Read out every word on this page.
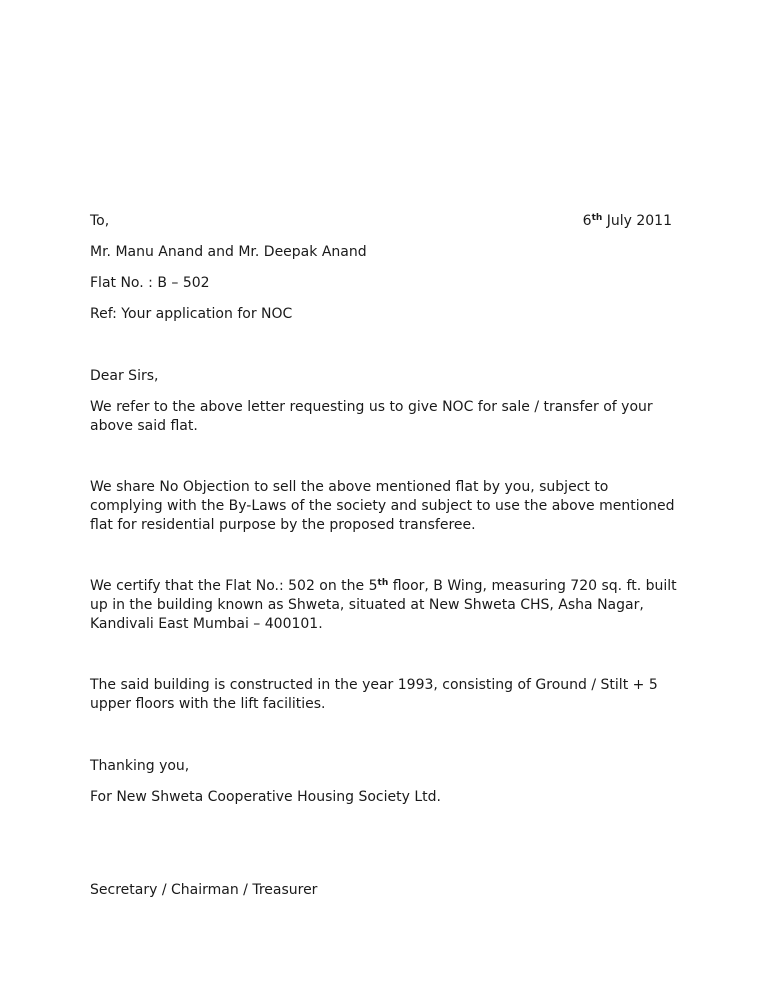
To,	6th July 2011
Mr. Manu Anand and Mr. Deepak Anand
Flat No. : B – 502
Ref: Your application for NOC
Dear Sirs,
We refer to the above letter requesting us to give NOC for sale / transfer of your
above said flat.
We share No Objection to sell the above mentioned flat by you, subject to
complying with the By-Laws of the society and subject to use the above mentioned
flat for residential purpose by the proposed transferee.
We certify that the Flat No.: 502 on the 5th floor, B Wing, measuring 720 sq. ft. built
up in the building known as Shweta, situated at New Shweta CHS, Asha Nagar,
Kandivali East Mumbai – 400101.
The said building is constructed in the year 1993, consisting of Ground / Stilt + 5
upper floors with the lift facilities.
Thanking you,
For New Shweta Cooperative Housing Society Ltd.
Secretary / Chairman / Treasurer
